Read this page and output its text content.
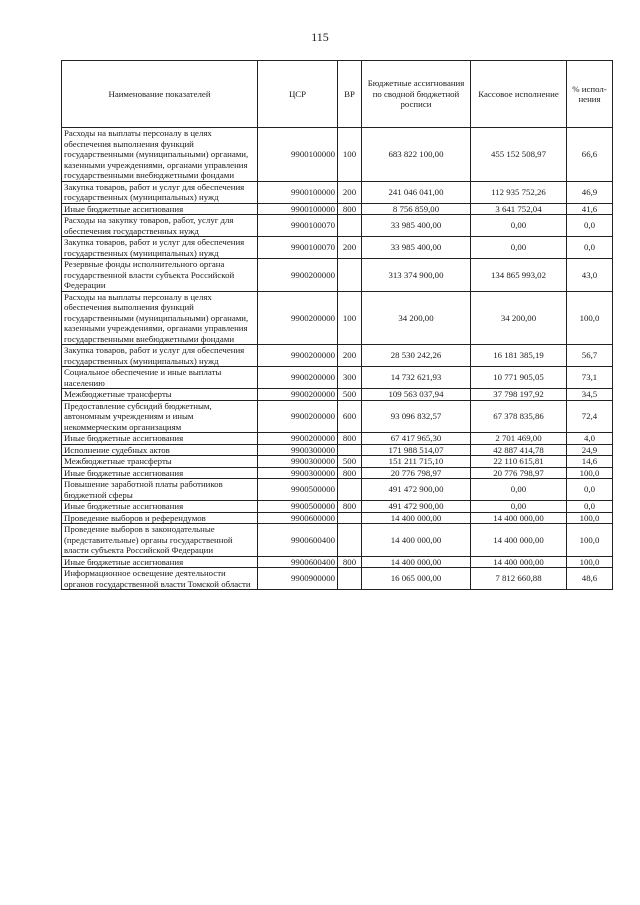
115
Наименование показателей	ЦСР	ВР	Бюджетные ассигнования по сводной бюджетной росписи	Кассовое исполнение	% испол-нения
Расходы на выплаты персоналу в целях обеспечения выполнения функций государственными (муниципальными) органами, казенными учреждениями, органами управления государственными внебюджетными фондами	9900100000	100	683 822 100,00	455 152 508,97	66,6
Закупка товаров, работ и услуг для обеспечения государственных (муниципальных) нужд	9900100000	200	241 046 041,00	112 935 752,26	46,9
Иные бюджетные ассигнования	9900100000	800	8 756 859,00	3 641 752,04	41,6
Расходы на закупку товаров, работ, услуг для обеспечения государственных нужд	9900100070		33 985 400,00	0,00	0,0
Закупка товаров, работ и услуг для обеспечения государственных (муниципальных) нужд	9900100070	200	33 985 400,00	0,00	0,0
Резервные фонды исполнительного органа государственной власти субъекта Российской Федерации	9900200000		313 374 900,00	134 865 993,02	43,0
Расходы на выплаты персоналу в целях обеспечения выполнения функций государственными (муниципальными) органами, казенными учреждениями, органами управления государственными внебюджетными фондами	9900200000	100	34 200,00	34 200,00	100,0
Закупка товаров, работ и услуг для обеспечения государственных (муниципальных) нужд	9900200000	200	28 530 242,26	16 181 385,19	56,7
Социальное обеспечение и иные выплаты населению	9900200000	300	14 732 621,93	10 771 905,05	73,1
Межбюджетные трансферты	9900200000	500	109 563 037,94	37 798 197,92	34,5
Предоставление субсидий бюджетным, автономным учреждениям и иным некоммерческим организациям	9900200000	600	93 096 832,57	67 378 835,86	72,4
Иные бюджетные ассигнования	9900200000	800	67 417 965,30	2 701 469,00	4,0
Исполнение судебных актов	9900300000		171 988 514,07	42 887 414,78	24,9
Межбюджетные трансферты	9900300000	500	151 211 715,10	22 110 615,81	14,6
Иные бюджетные ассигнования	9900300000	800	20 776 798,97	20 776 798,97	100,0
Повышение заработной платы работников бюджетной сферы	9900500000		491 472 900,00	0,00	0,0
Иные бюджетные ассигнования	9900500000	800	491 472 900,00	0,00	0,0
Проведение выборов и референдумов	9900600000		14 400 000,00	14 400 000,00	100,0
Проведение выборов в законодательные (представительные) органы государственной власти субъекта Российской Федерации	9900600400		14 400 000,00	14 400 000,00	100,0
Иные бюджетные ассигнования	9900600400	800	14 400 000,00	14 400 000,00	100,0
Информационное освещение деятельности органов государственной власти Томской области	9900900000		16 065 000,00	7 812 660,88	48,6
